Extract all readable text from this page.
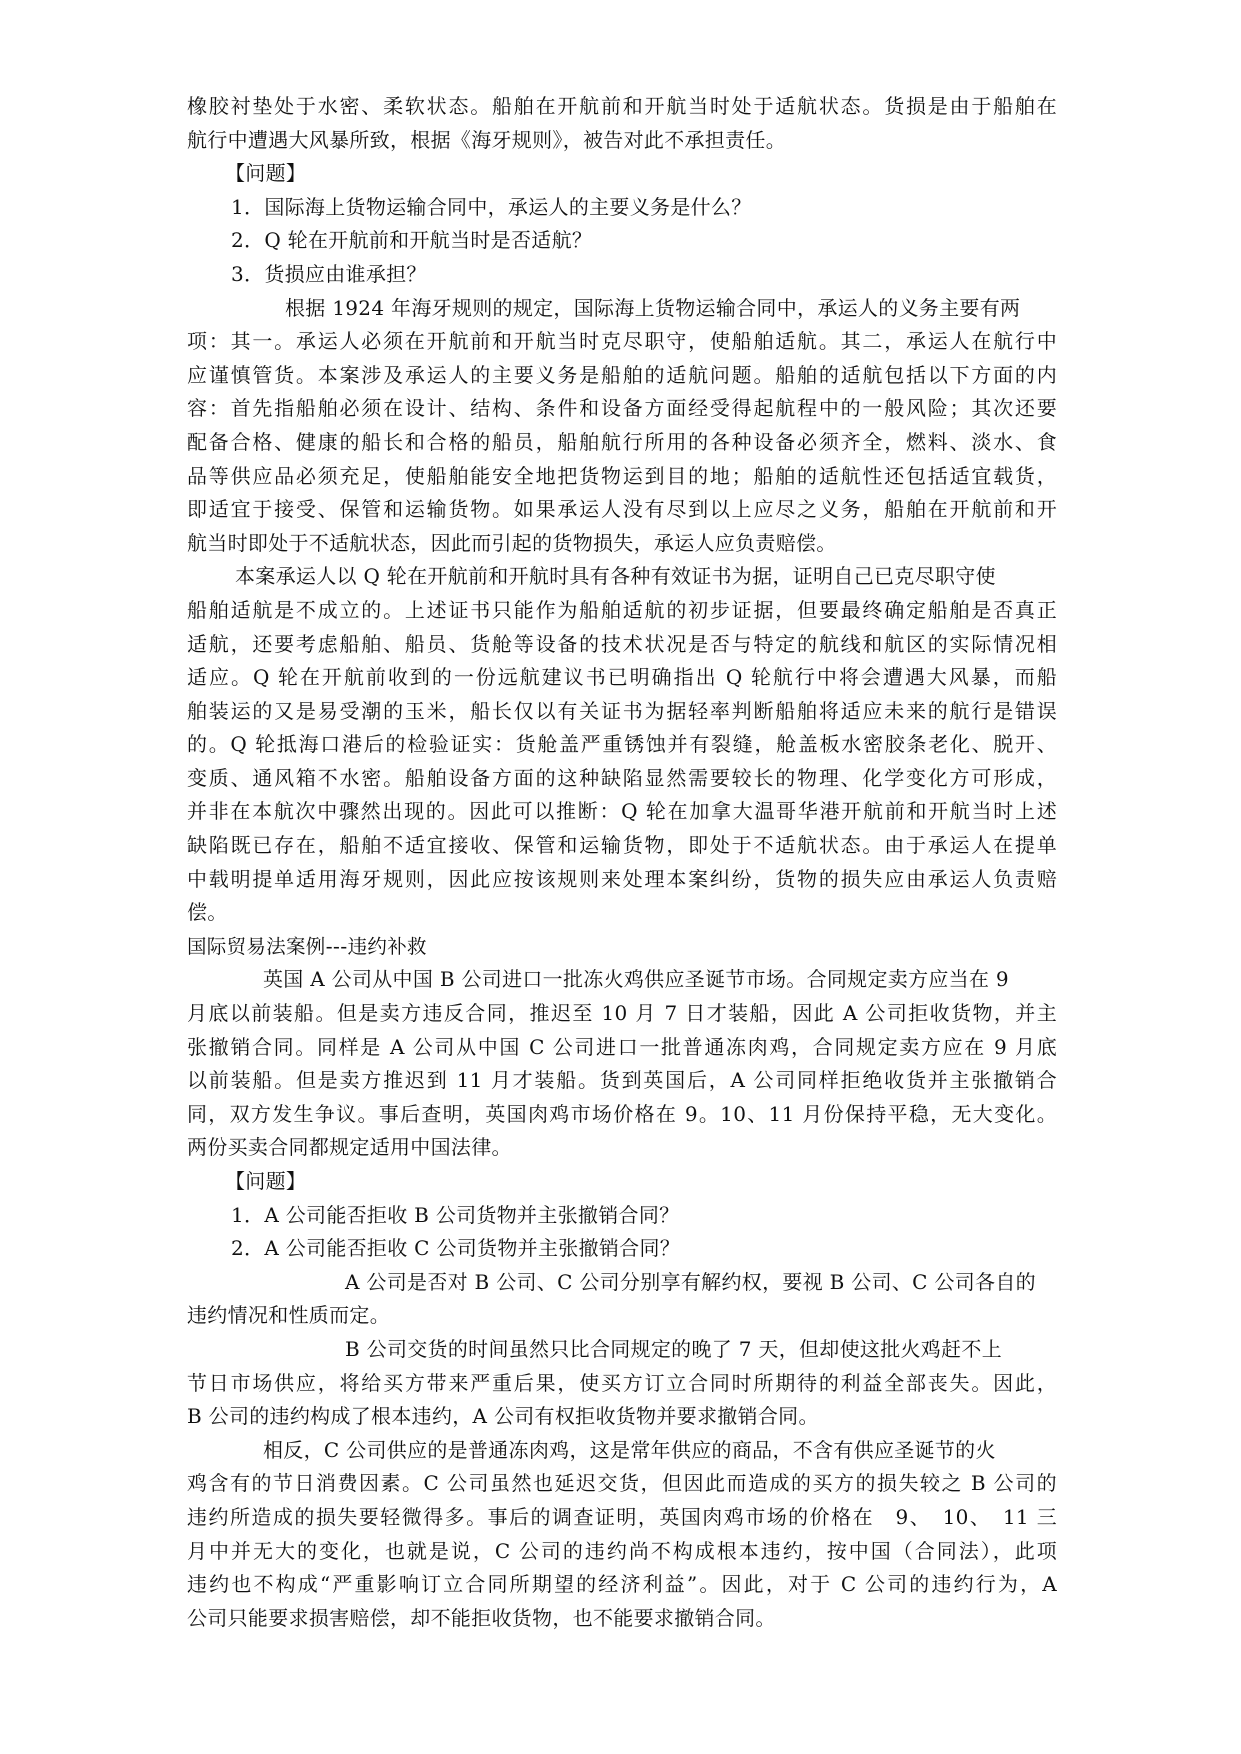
橡胶衬垫处于水密、柔软状态。船舶在开航前和开航当时处于适航状态。货损是由于船舶在
航行中遭遇大风暴所致，根据《海牙规则》，被告对此不承担责任。
【问题】
1．国际海上货物运输合同中，承运人的主要义务是什么？
2．Q 轮在开航前和开航当时是否适航？
3．货损应由谁承担？
根据 1924 年海牙规则的规定，国际海上货物运输合同中，承运人的义务主要有两
项：其一。承运人必须在开航前和开航当时克尽职守，使船舶适航。其二，承运人在航行中
应谨慎管货。本案涉及承运人的主要义务是船舶的适航问题。船舶的适航包括以下方面的内
容：首先指船舶必须在设计、结构、条件和设备方面经受得起航程中的一般风险；其次还要
配备合格、健康的船长和合格的船员，船舶航行所用的各种设备必须齐全，燃料、淡水、食
品等供应品必须充足，使船舶能安全地把货物运到目的地；船舶的适航性还包括适宜载货，
即适宜于接受、保管和运输货物。如果承运人没有尽到以上应尽之义务，船舶在开航前和开
航当时即处于不适航状态，因此而引起的货物损失，承运人应负责赔偿。
本案承运人以 Q 轮在开航前和开航时具有各种有效证书为据，证明自己已克尽职守使
船舶适航是不成立的。上述证书只能作为船舶适航的初步证据，但要最终确定船舶是否真正
适航，还要考虑船舶、船员、货舱等设备的技术状况是否与特定的航线和航区的实际情况相
适应。Q 轮在开航前收到的一份远航建议书已明确指出 Q 轮航行中将会遭遇大风暴，而船
舶装运的又是易受潮的玉米，船长仅以有关证书为据轻率判断船舶将适应未来的航行是错误
的。Q 轮抵海口港后的检验证实：货舱盖严重锈蚀并有裂缝，舱盖板水密胶条老化、脱开、
变质、通风箱不水密。船舶设备方面的这种缺陷显然需要较长的物理、化学变化方可形成，
并非在本航次中骤然出现的。因此可以推断：Q 轮在加拿大温哥华港开航前和开航当时上述
缺陷既已存在，船舶不适宜接收、保管和运输货物，即处于不适航状态。由于承运人在提单
中载明提单适用海牙规则，因此应按该规则来处理本案纠纷，货物的损失应由承运人负责赔
偿。
国际贸易法案例---违约补救
英国 A 公司从中国 B 公司进口一批冻火鸡供应圣诞节市场。合同规定卖方应当在 9
月底以前装船。但是卖方违反合同，推迟至 10 月 7 日才装船，因此 A 公司拒收货物，并主
张撤销合同。同样是 A 公司从中国 C 公司进口一批普通冻肉鸡，合同规定卖方应在 9 月底
以前装船。但是卖方推迟到 11 月才装船。货到英国后，A 公司同样拒绝收货并主张撤销合
同，双方发生争议。事后查明，英国肉鸡市场价格在 9。10、11 月份保持平稳，无大变化。
两份买卖合同都规定适用中国法律。
【问题】
1．A 公司能否拒收 B 公司货物并主张撤销合同？
2．A 公司能否拒收 C 公司货物并主张撤销合同？
A 公司是否对 B 公司、C 公司分别享有解约权，要视 B 公司、C 公司各自的
违约情况和性质而定。
B 公司交货的时间虽然只比合同规定的晚了 7 天，但却使这批火鸡赶不上
节日市场供应，将给买方带来严重后果，使买方订立合同时所期待的利益全部丧失。因此，
B 公司的违约构成了根本违约，A 公司有权拒收货物并要求撤销合同。
相反，C 公司供应的是普通冻肉鸡，这是常年供应的商品，不含有供应圣诞节的火
鸡含有的节日消费因素。C 公司虽然也延迟交货，但因此而造成的买方的损失较之 B 公司的
违约所造成的损失要轻微得多。事后的调查证明，英国肉鸡市场的价格在　9、　10、　11 三
月中并无大的变化，也就是说，C 公司的违约尚不构成根本违约，按中国（合同法），此项
违约也不构成“严重影响订立合同所期望的经济利益”。因此，对于 C 公司的违约行为，A
公司只能要求损害赔偿，却不能拒收货物，也不能要求撤销合同。
